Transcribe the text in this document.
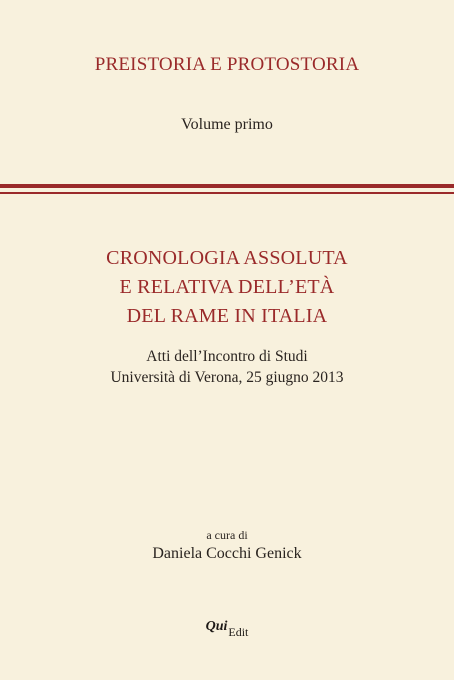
PREISTORIA E PROTOSTORIA
Volume primo
CRONOLOGIA ASSOLUTA
E RELATIVA DELL’ETÀ
DEL RAME IN ITALIA
Atti dell’Incontro di Studi
Università di Verona, 25 giugno 2013
a cura di
Daniela Cocchi Genick
QuiEdit
